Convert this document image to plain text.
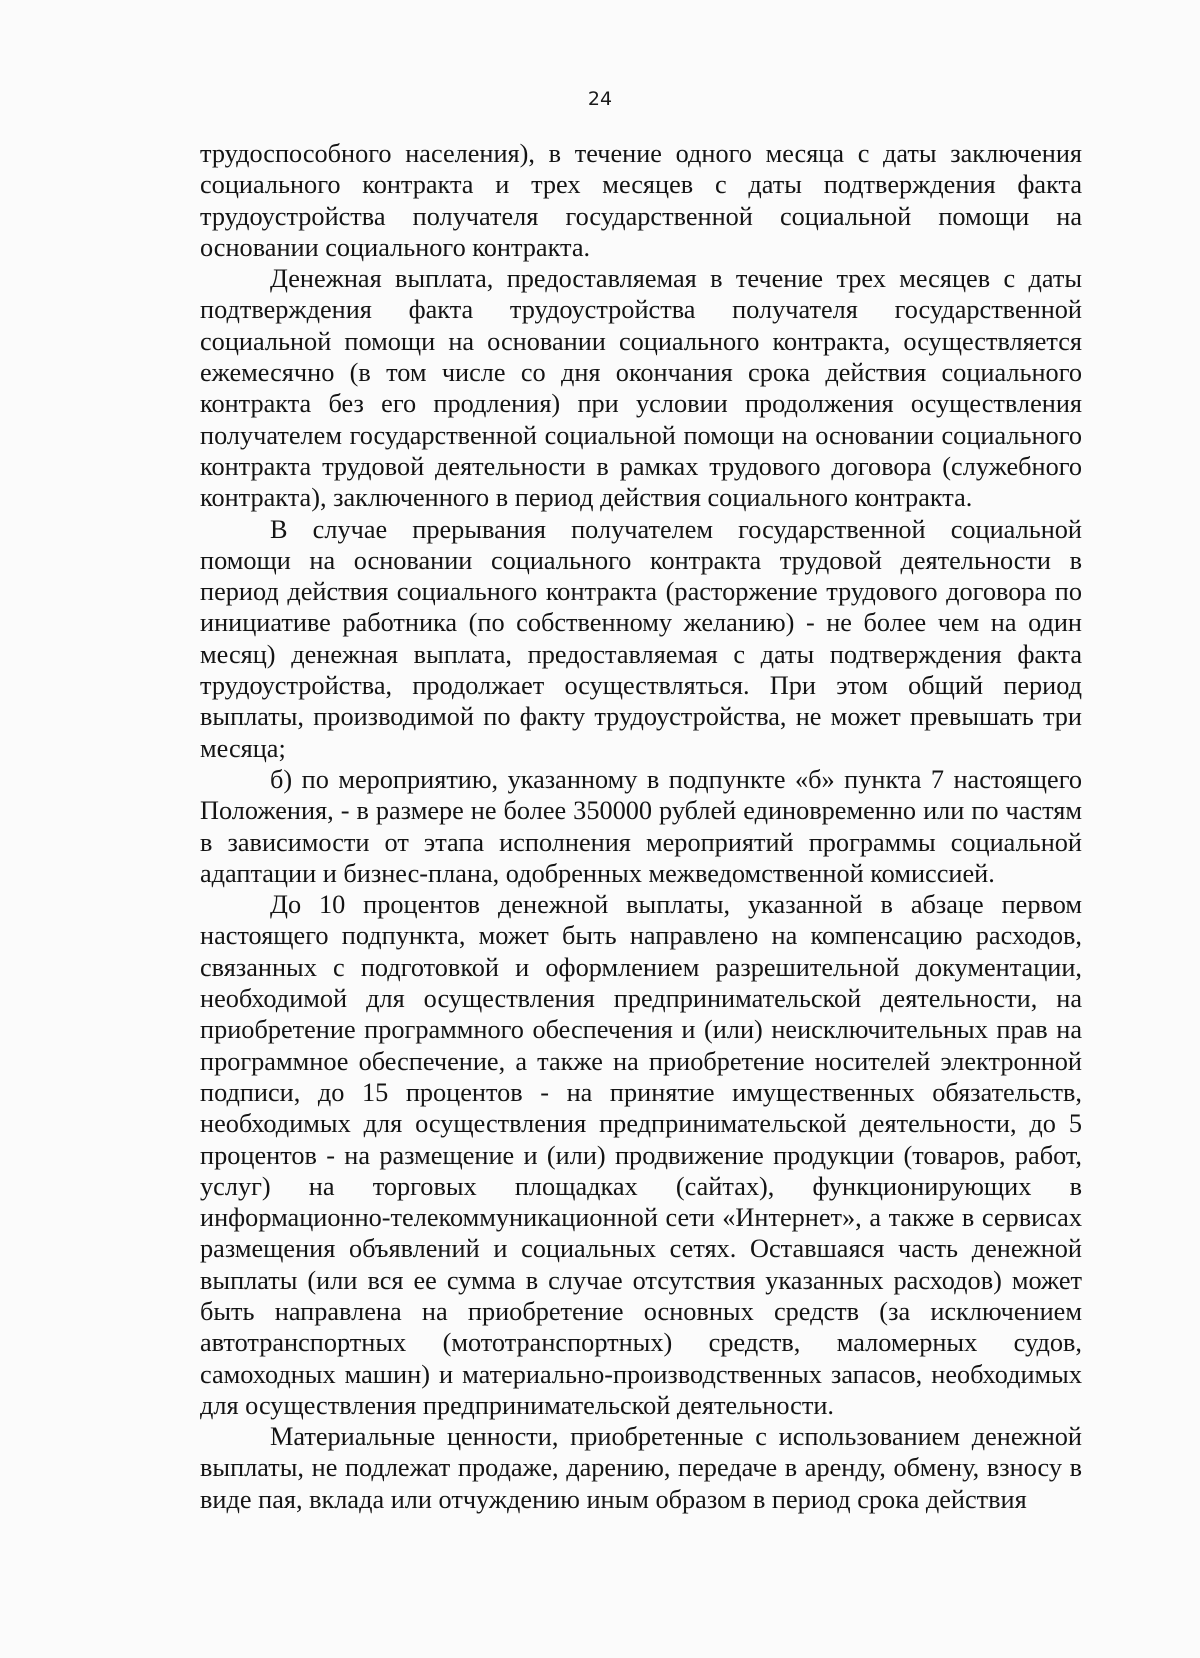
24

трудоспособного населения), в течение одного месяца с даты заключения социального контракта и трех месяцев с даты подтверждения факта трудоустройства получателя государственной социальной помощи на основании социального контракта.

Денежная выплата, предоставляемая в течение трех месяцев с даты подтверждения факта трудоустройства получателя государственной социальной помощи на основании социального контракта, осуществляется ежемесячно (в том числе со дня окончания срока действия социального контракта без его продления) при условии продолжения осуществления получателем государственной социальной помощи на основании социального контракта трудовой деятельности в рамках трудового договора (служебного контракта), заключенного в период действия социального контракта.

В случае прерывания получателем государственной социальной помощи на основании социального контракта трудовой деятельности в период действия социального контракта (расторжение трудового договора по инициативе работника (по собственному желанию) - не более чем на один месяц) денежная выплата, предоставляемая с даты подтверждения факта трудоустройства, продолжает осуществляться. При этом общий период выплаты, производимой по факту трудоустройства, не может превышать три месяца;

б) по мероприятию, указанному в подпункте «б» пункта 7 настоящего Положения, - в размере не более 350000 рублей единовременно или по частям в зависимости от этапа исполнения мероприятий программы социальной адаптации и бизнес-плана, одобренных межведомственной комиссией.

До 10 процентов денежной выплаты, указанной в абзаце первом настоящего подпункта, может быть направлено на компенсацию расходов, связанных с подготовкой и оформлением разрешительной документации, необходимой для осуществления предпринимательской деятельности, на приобретение программного обеспечения и (или) неисключительных прав на программное обеспечение, а также на приобретение носителей электронной подписи, до 15 процентов - на принятие имущественных обязательств, необходимых для осуществления предпринимательской деятельности, до 5 процентов - на размещение и (или) продвижение продукции (товаров, работ, услуг) на торговых площадках (сайтах), функционирующих в информационно-телекоммуникационной сети «Интернет», а также в сервисах размещения объявлений и социальных сетях. Оставшаяся часть денежной выплаты (или вся ее сумма в случае отсутствия указанных расходов) может быть направлена на приобретение основных средств (за исключением автотранспортных (мототранспортных) средств, маломерных судов, самоходных машин) и материально-производственных запасов, необходимых для осуществления предпринимательской деятельности.

Материальные ценности, приобретенные с использованием денежной выплаты, не подлежат продаже, дарению, передаче в аренду, обмену, взносу в виде пая, вклада или отчуждению иным образом в период срока действия
